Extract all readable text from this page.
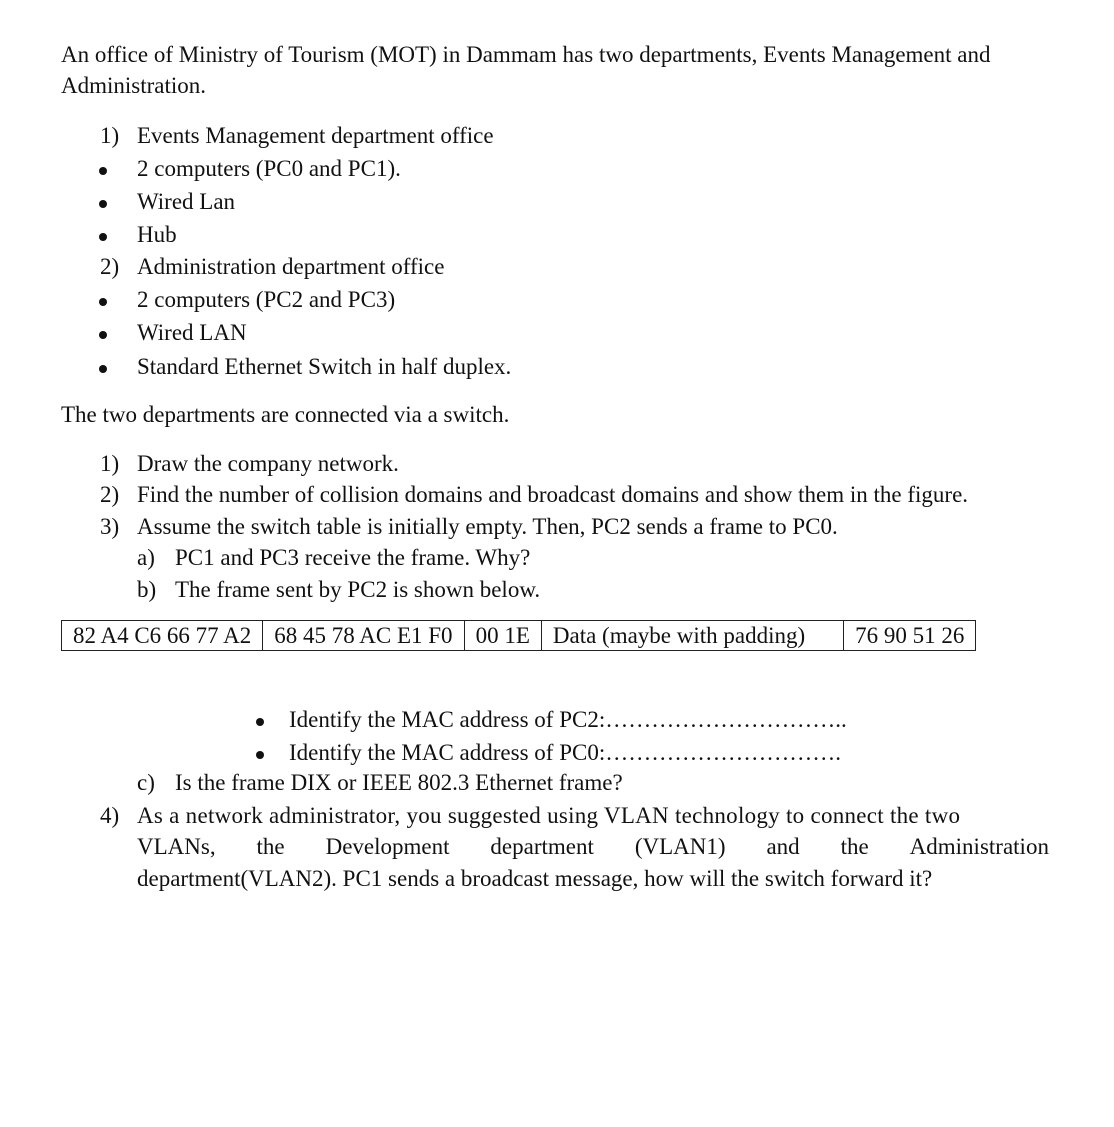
An office of Ministry of Tourism (MOT) in Dammam has two departments, Events Management and Administration.
1) Events Management department office
2 computers (PC0 and PC1).
Wired Lan
Hub
2) Administration department office
2 computers (PC2 and PC3)
Wired LAN
Standard Ethernet Switch in half duplex.
The two departments are connected via a switch.
1) Draw the company network.
2) Find the number of collision domains and broadcast domains and show them in the figure.
3) Assume the switch table is initially empty. Then, PC2 sends a frame to PC0.
a) PC1 and PC3 receive the frame. Why?
b) The frame sent by PC2 is shown below.
82 A4 C6 66 77 A2	68 45 78 AC E1 F0	00 1E	Data (maybe with padding)	76 90 51 26
Identify the MAC address of PC2:…………………………..
Identify the MAC address of PC0:………………………….
c) Is the frame DIX or IEEE 802.3 Ethernet frame?
4) As a network administrator, you suggested using VLAN technology to connect the two
VLANs, the Development department (VLAN1) and the Administration
department(VLAN2). PC1 sends a broadcast message, how will the switch forward it?
